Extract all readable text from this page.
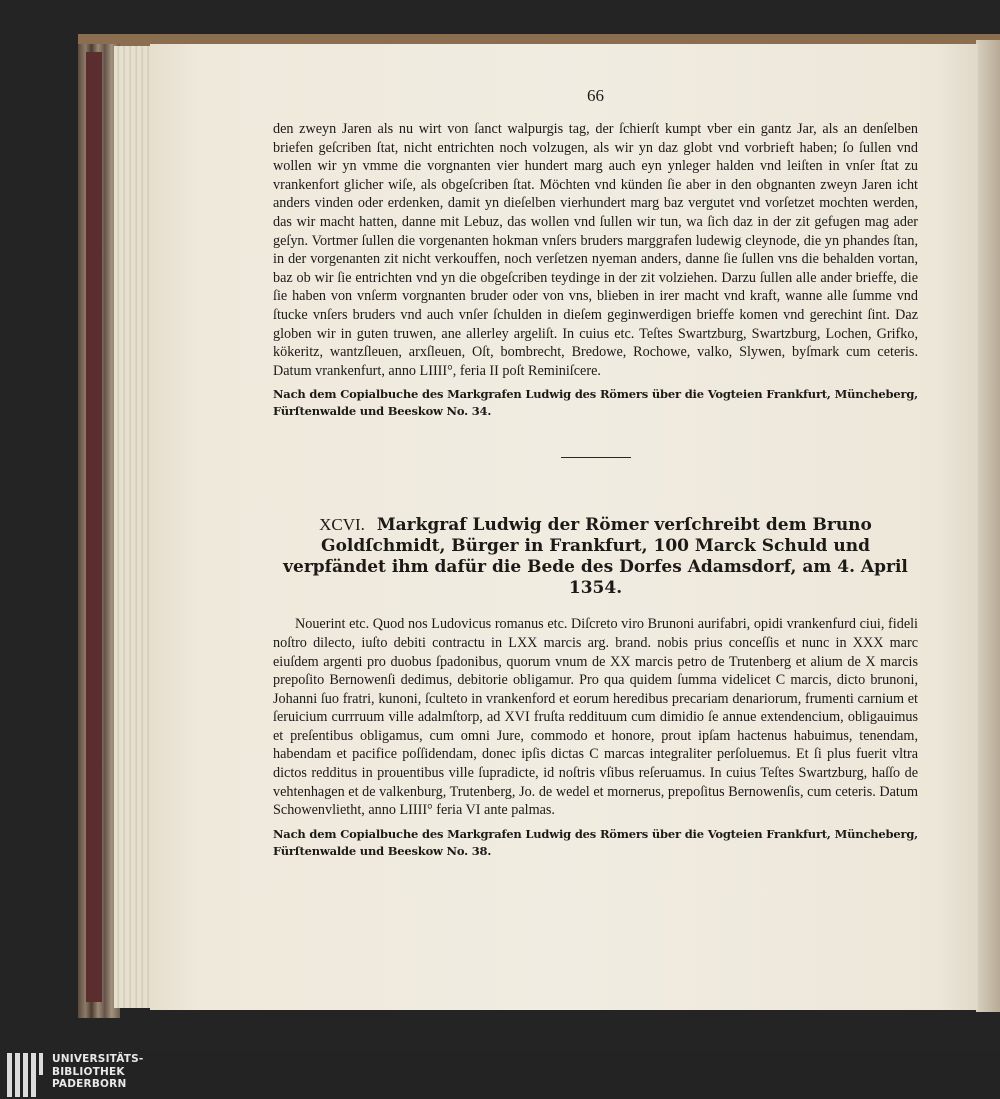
66

den zweyn Jaren als nu wirt von ſanct walpurgis tag, der ſchierſt kumpt vber ein gantz Jar, als an denſelben briefen geſcriben ſtat, nicht entrichten noch volzugen, als wir yn daz globt vnd vorbrieft haben; ſo ſullen vnd wollen wir yn vmme die vorgnanten vier hundert marg auch eyn ynleger halden vnd leiſten in vnſer ſtat zu vrankenfort glicher wiſe, als obgeſcriben ſtat. Möchten vnd künden ſie aber in den obgnanten zweyn Jaren icht anders vinden oder erdenken, damit yn dieſelben vierhundert marg baz vergutet vnd vorſetzet mochten werden, das wir macht hatten, danne mit Lebuz, das wollen vnd ſullen wir tun, wa ſich daz in der zit gefugen mag ader geſyn. Vortmer ſullen die vorgenanten hokman vnſers bruders marggrafen ludewig cleynode, die yn phandes ſtan, in der vorgenanten zit nicht verkouffen, noch verſetzen nyeman anders, danne ſie ſullen vns die behalden vortan, baz ob wir ſie entrichten vnd yn die obgeſcriben teydinge in der zit volziehen. Darzu ſullen alle ander brieffe, die ſie haben von vnſerm vorgnanten bruder oder von vns, blieben in irer macht vnd kraft, wanne alle ſumme vnd ſtucke vnſers bruders vnd auch vnſer ſchulden in dieſem geginwerdigen brieffe komen vnd gerechint ſint. Daz globen wir in guten truwen, ane allerley argeliſt. In cuius etc. Teſtes Swartzburg, Swartzburg, Lochen, Grifko, kökeritz, wantzſleuen, arxſleuen, Oſt, bombrecht, Bredowe, Rochowe, valko, Slywen, byſmark cum ceteris. Datum vrankenfurt, anno LIIII°, feria II poſt Reminiſcere.

Nach dem Copialbuche des Markgrafen Ludwig des Römers über die Vogteien Frankfurt, Müncheberg, Fürſtenwalde und Beeskow No. 34.

XCVI. Markgraf Ludwig der Römer verſchreibt dem Bruno Goldſchmidt, Bürger in Frankfurt, 100 Marck Schuld und verpfändet ihm dafür die Bede des Dorfes Adamsdorf, am 4. April 1354.

Nouerint etc. Quod nos Ludovicus romanus etc. Diſcreto viro Brunoni aurifabri, opidi vrankenfurd ciui, fideli noſtro dilecto, iuſto debiti contractu in LXX marcis arg. brand. nobis prius conceſſis et nunc in XXX marc eiuſdem argenti pro duobus ſpadonibus, quorum vnum de XX marcis petro de Trutenberg et alium de X marcis prepoſito Bernowenſi dedimus, debitorie obligamur. Pro qua quidem ſumma videlicet C marcis, dicto brunoni, Johanni ſuo fratri, kunoni, ſculteto in vrankenford et eorum heredibus precariam denariorum, frumenti carnium et ſeruicium currruum ville adalmſtorp, ad XVI fruſta reddituum cum dimidio ſe annue extendencium, obligauimus et preſentibus obligamus, cum omni Jure, commodo et honore, prout ipſam hactenus habuimus, tenendam, habendam et pacifice poſſidendam, donec ipſis dictas C marcas integraliter perſoluemus. Et ſi plus fuerit vltra dictos redditus in prouentibus ville ſupradicte, id noſtris vſibus reſeruamus. In cuius Teſtes Swartzburg, haſſo de vehtenhagen et de valkenburg, Trutenberg, Jo. de wedel et mornerus, prepoſitus Bernowenſis, cum ceteris. Datum Schowenvlietht, anno LIIII° feria VI ante palmas.

Nach dem Copialbuche des Markgrafen Ludwig des Römers über die Vogteien Frankfurt, Müncheberg, Fürſtenwalde und Beeskow No. 38.

UNIVERSITÄTS-
BIBLIOTHEK
PADERBORN
